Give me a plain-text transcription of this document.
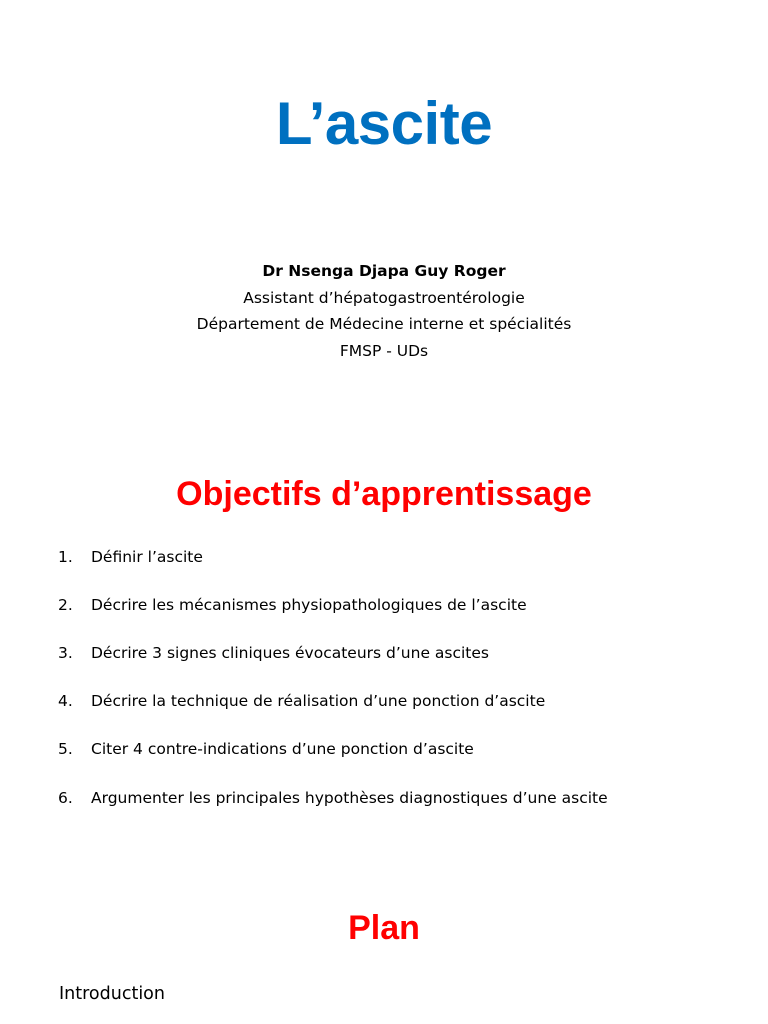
L’ascite
Dr Nsenga Djapa Guy Roger
Assistant d’hépatogastroentérologie
Département de Médecine interne et spécialités
FMSP - UDs
Objectifs d’apprentissage
1. Définir l’ascite
2. Décrire les mécanismes physiopathologiques de l’ascite
3. Décrire 3 signes cliniques évocateurs d’une ascites
4. Décrire la technique de réalisation d’une ponction d’ascite
5. Citer 4 contre-indications d’une ponction d’ascite
6. Argumenter les principales hypothèses diagnostiques d’une ascite
Plan
Introduction
